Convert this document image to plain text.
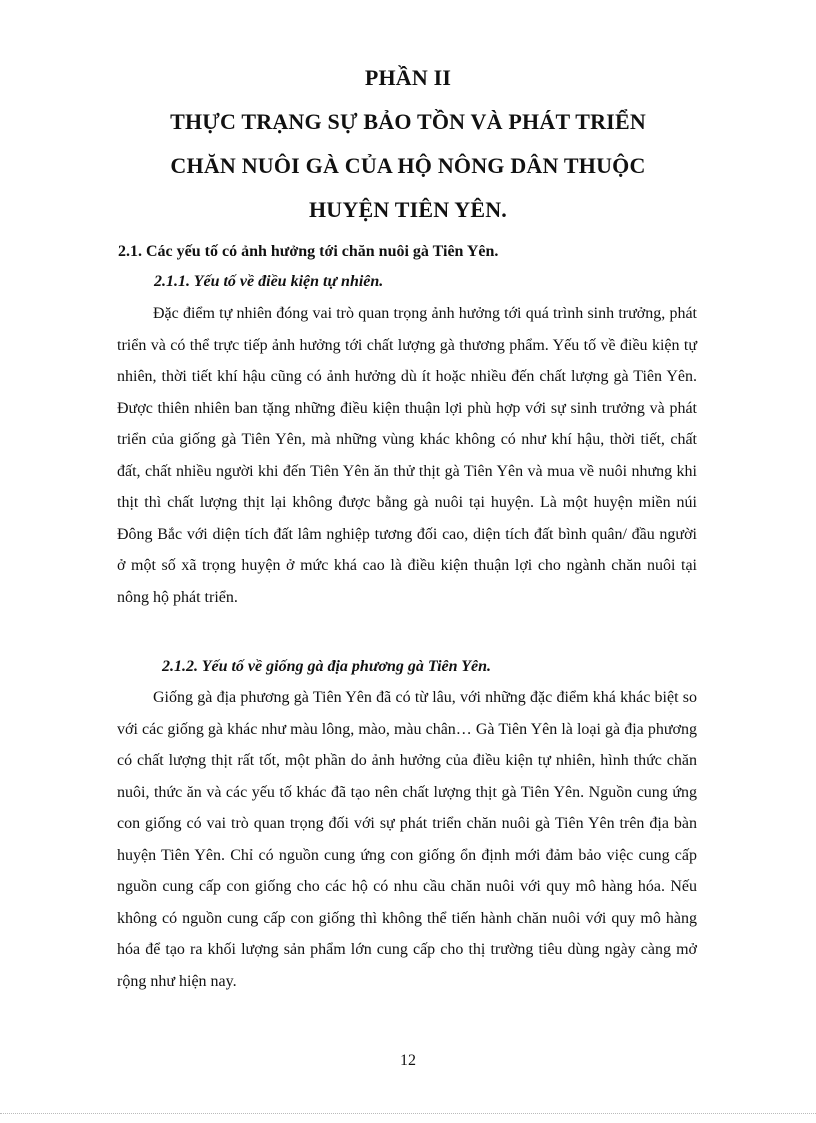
PHẦN II
THỰC TRẠNG SỰ BẢO TỒN VÀ PHÁT TRIỂN
CHĂN NUÔI GÀ CỦA HỘ NÔNG DÂN THUỘC
HUYỆN TIÊN YÊN.
2.1. Các yếu tố có ảnh hưởng tới chăn nuôi gà Tiên Yên.
2.1.1. Yếu tố về điều kiện tự nhiên.

Đặc điểm tự nhiên đóng vai trò quan trọng ảnh hưởng tới quá trình sinh trưởng, phát triển và có thể trực tiếp ảnh hưởng tới chất lượng gà thương phẩm. Yếu tố về điều kiện tự nhiên, thời tiết khí hậu cũng có ảnh hưởng dù ít hoặc nhiều đến chất lượng gà Tiên Yên. Được thiên nhiên ban tặng những điều kiện thuận lợi phù hợp với sự sinh trưởng và phát triển của giống gà Tiên Yên, mà những vùng khác không có như khí hậu, thời tiết, chất đất, chất nhiều người khi đến Tiên Yên ăn thử thịt gà Tiên Yên và mua về nuôi nhưng khi thịt thì chất lượng thịt lại không được bằng gà nuôi tại huyện. Là một huyện miền núi Đông Bắc với diện tích đất lâm nghiệp tương đối cao, diện tích đất bình quân/ đầu người ở một số xã trọng huyện ở mức khá cao là điều kiện thuận lợi cho ngành chăn nuôi tại nông hộ phát triển.

2.1.2. Yếu tố về giống gà địa phương gà Tiên Yên.

Giống gà địa phương gà Tiên Yên đã có từ lâu, với những đặc điểm khá khác biệt so với các giống gà khác như màu lông, mào, màu chân… Gà Tiên Yên là loại gà địa phương có chất lượng thịt rất tốt, một phần do ảnh hưởng của điều kiện tự nhiên, hình thức chăn nuôi, thức ăn và các yếu tố khác đã tạo nên chất lượng thịt gà Tiên Yên. Nguồn cung ứng con giống có vai trò quan trọng đối với sự phát triển chăn nuôi gà Tiên Yên trên địa bàn huyện Tiên Yên. Chỉ có nguồn cung ứng con giống ổn định mới đảm bảo việc cung cấp nguồn cung cấp con giống cho các hộ có nhu cầu chăn nuôi với quy mô hàng hóa. Nếu không có nguồn cung cấp con giống thì không thể tiến hành chăn nuôi với quy mô hàng hóa để tạo ra khối lượng sản phẩm lớn cung cấp cho thị trường tiêu dùng ngày càng mở rộng như hiện nay.

12
